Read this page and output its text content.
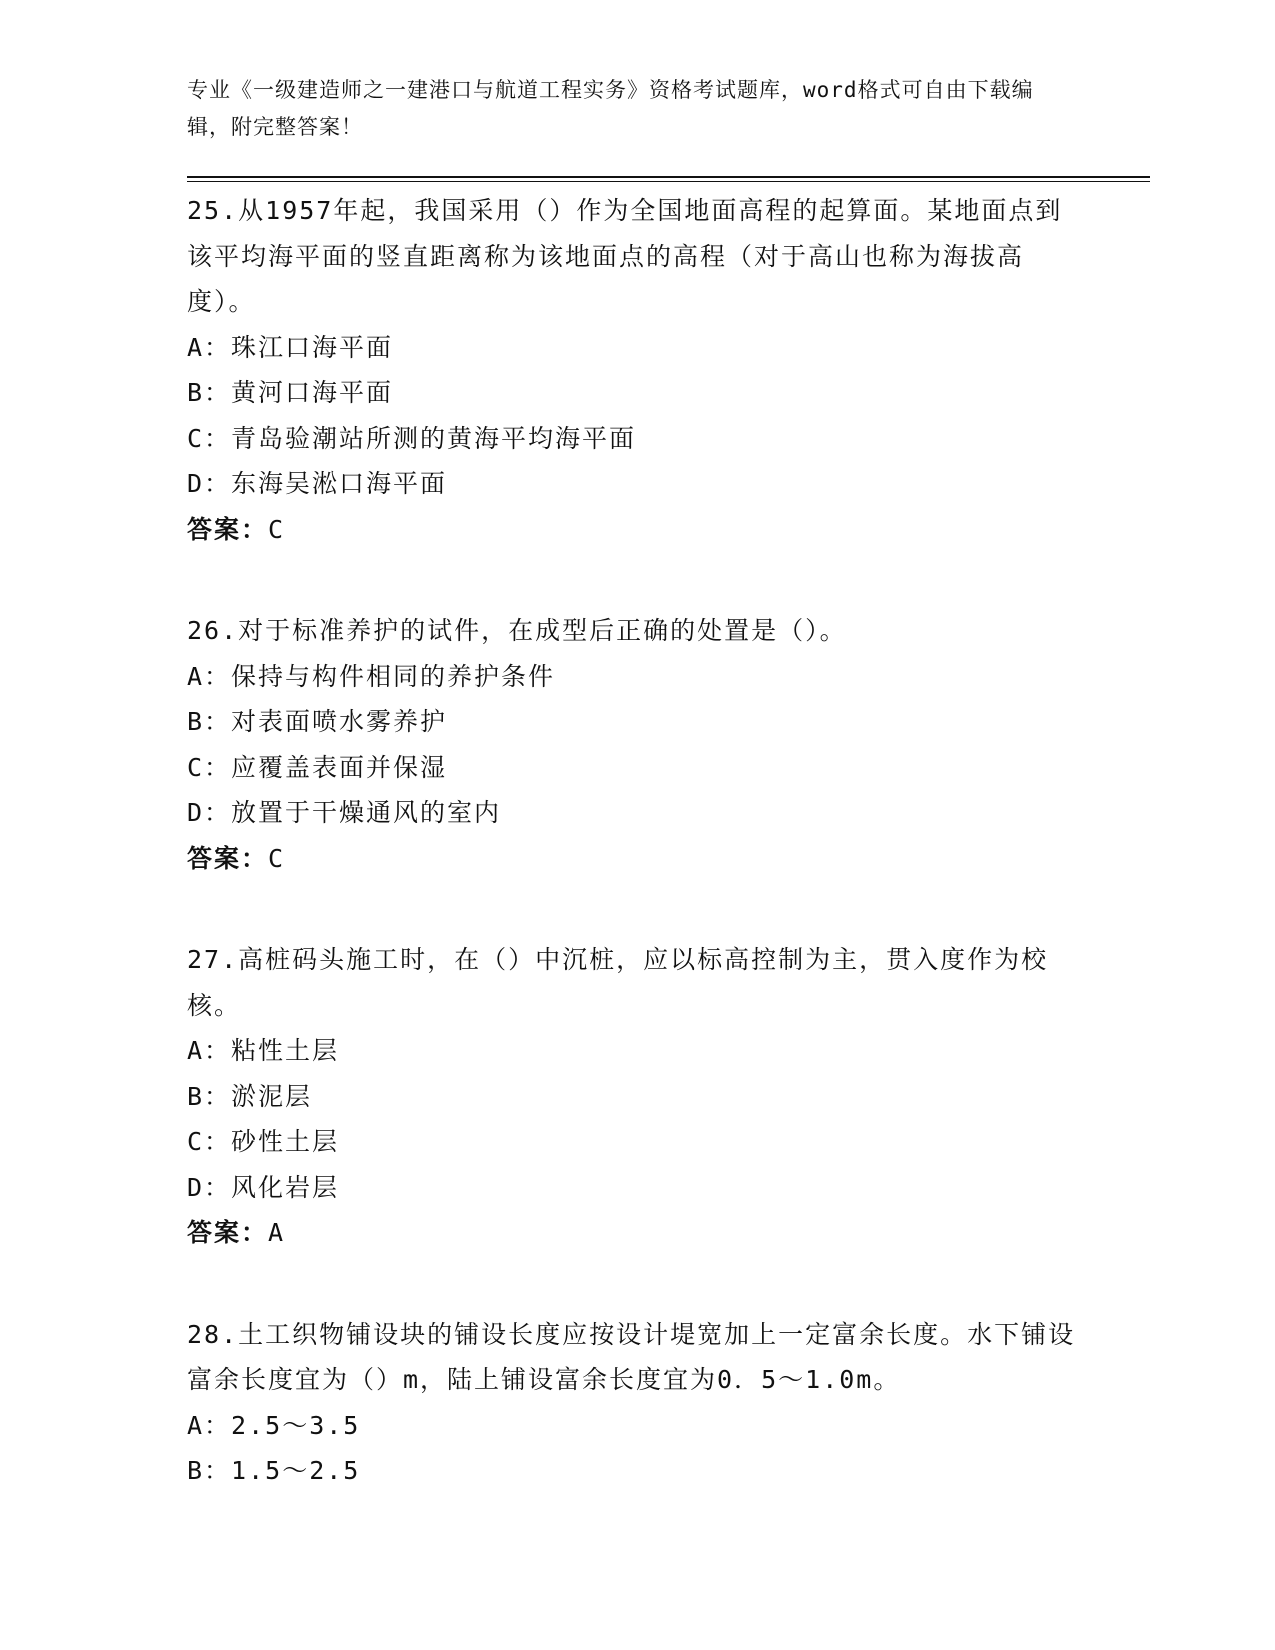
专业《一级建造师之一建港口与航道工程实务》资格考试题库，word格式可自由下载编辑，附完整答案！

25.从1957年起，我国采用（）作为全国地面高程的起算面。某地面点到该平均海平面的竖直距离称为该地面点的高程（对于高山也称为海拔高度）。

A：珠江口海平面

B：黄河口海平面

C：青岛验潮站所测的黄海平均海平面

D：东海吴淞口海平面

答案：C

26.对于标准养护的试件，在成型后正确的处置是（）。

A：保持与构件相同的养护条件

B：对表面喷水雾养护

C：应覆盖表面并保湿

D：放置于干燥通风的室内

答案：C

27.高桩码头施工时，在（）中沉桩，应以标高控制为主，贯入度作为校核。

A：粘性土层

B：淤泥层

C：砂性土层

D：风化岩层

答案：A

28.土工织物铺设块的铺设长度应按设计堤宽加上一定富余长度。水下铺设富余长度宜为（）m，陆上铺设富余长度宜为0．5～1.0m。

A：2.5～3.5

B：1.5～2.5
